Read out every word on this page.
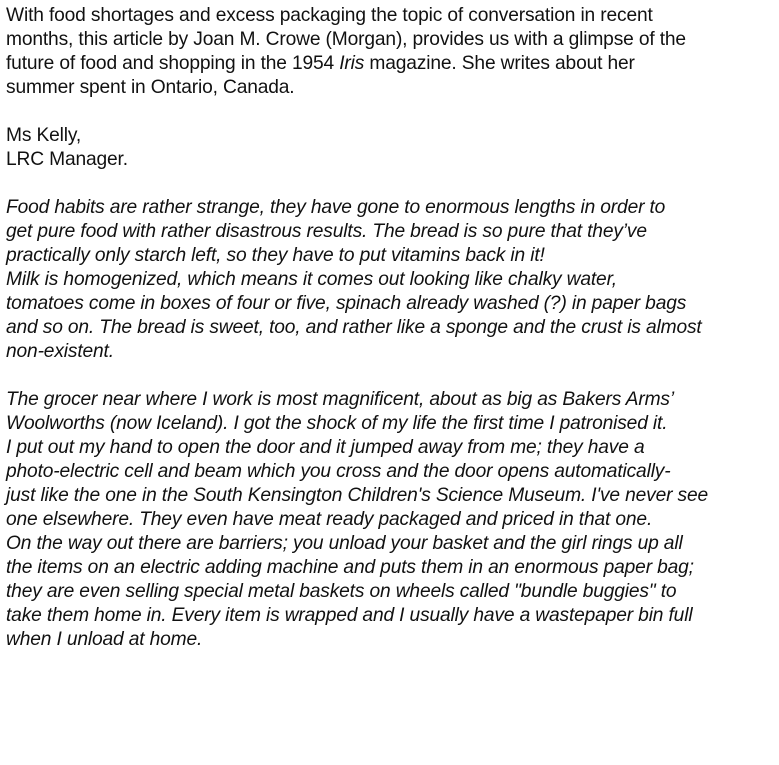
With food shortages and excess packaging the topic of conversation in recent
months, this article by Joan M. Crowe (Morgan), provides us with a glimpse of the
future of food and shopping in the 1954 Iris magazine. She writes about her
summer spent in Ontario, Canada.

Ms Kelly,
LRC Manager.

Food habits are rather strange, they have gone to enormous lengths in order to
get pure food with rather disastrous results. The bread is so pure that they’ve
practically only starch left, so they have to put vitamins back in it!
Milk is homogenized, which means it comes out looking like chalky water,
tomatoes come in boxes of four or five, spinach already washed (?) in paper bags
and so on. The bread is sweet, too, and rather like a sponge and the crust is almost
non-existent.

The grocer near where I work is most magnificent, about as big as Bakers Arms’
Woolworths (now Iceland). I got the shock of my life the first time I patronised it.
I put out my hand to open the door and it jumped away from me; they have a
photo-electric cell and beam which you cross and the door opens automatically-
just like the one in the South Kensington Children's Science Museum. I've never see
one elsewhere. They even have meat ready packaged and priced in that one.
On the way out there are barriers; you unload your basket and the girl rings up all
the items on an electric adding machine and puts them in an enormous paper bag;
they are even selling special metal baskets on wheels called "bundle buggies" to
take them home in. Every item is wrapped and I usually have a wastepaper bin full
when I unload at home.
